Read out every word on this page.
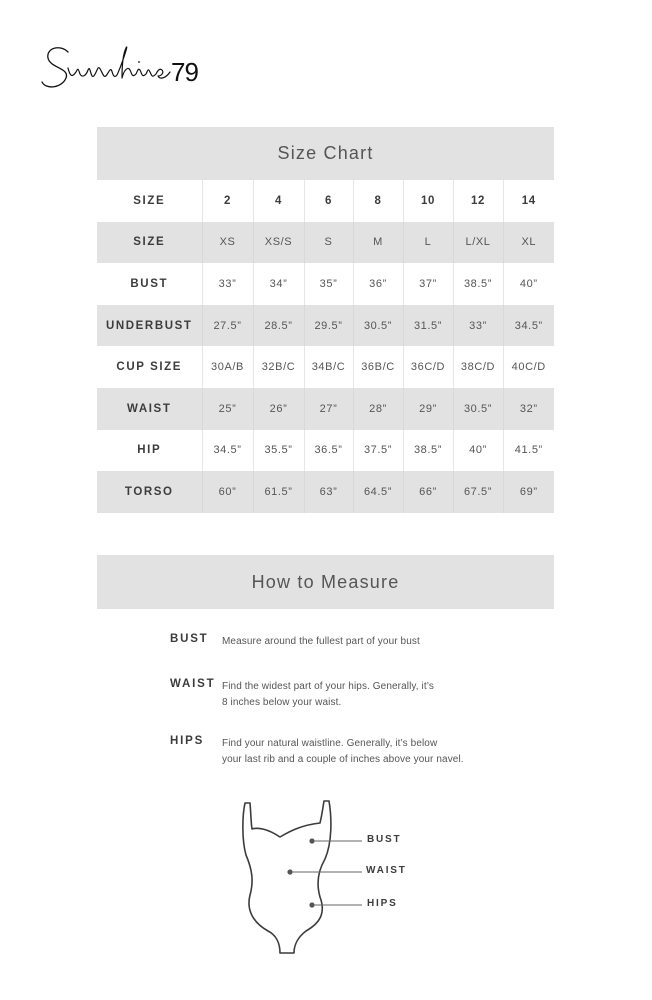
79
Size Chart							
SIZE	2	4	6	8	10	12	14
SIZE	XS	XS/S	S	M	L	L/XL	XL
BUST	33”	34”	35”	36”	37”	38.5”	40”
UNDERBUST	27.5”	28.5”	29.5”	30.5”	31.5”	33”	34.5”
CUP SIZE	30A/B	32B/C	34B/C	36B/C	36C/D	38C/D	40C/D
WAIST	25”	26”	27”	28”	29”	30.5”	32”
HIP	34.5”	35.5”	36.5”	37.5”	38.5”	40”	41.5”
TORSO	60”	61.5”	63”	64.5”	66”	67.5”	69”
How to Measure
BUST Measure around the fullest part of your bust
WAIST Find the widest part of your hips. Generally, it’s
8 inches below your waist.
HIPS Find your natural waistline. Generally, it’s below
your last rib and a couple of inches above your navel.
BUST
WAIST
HIPS
